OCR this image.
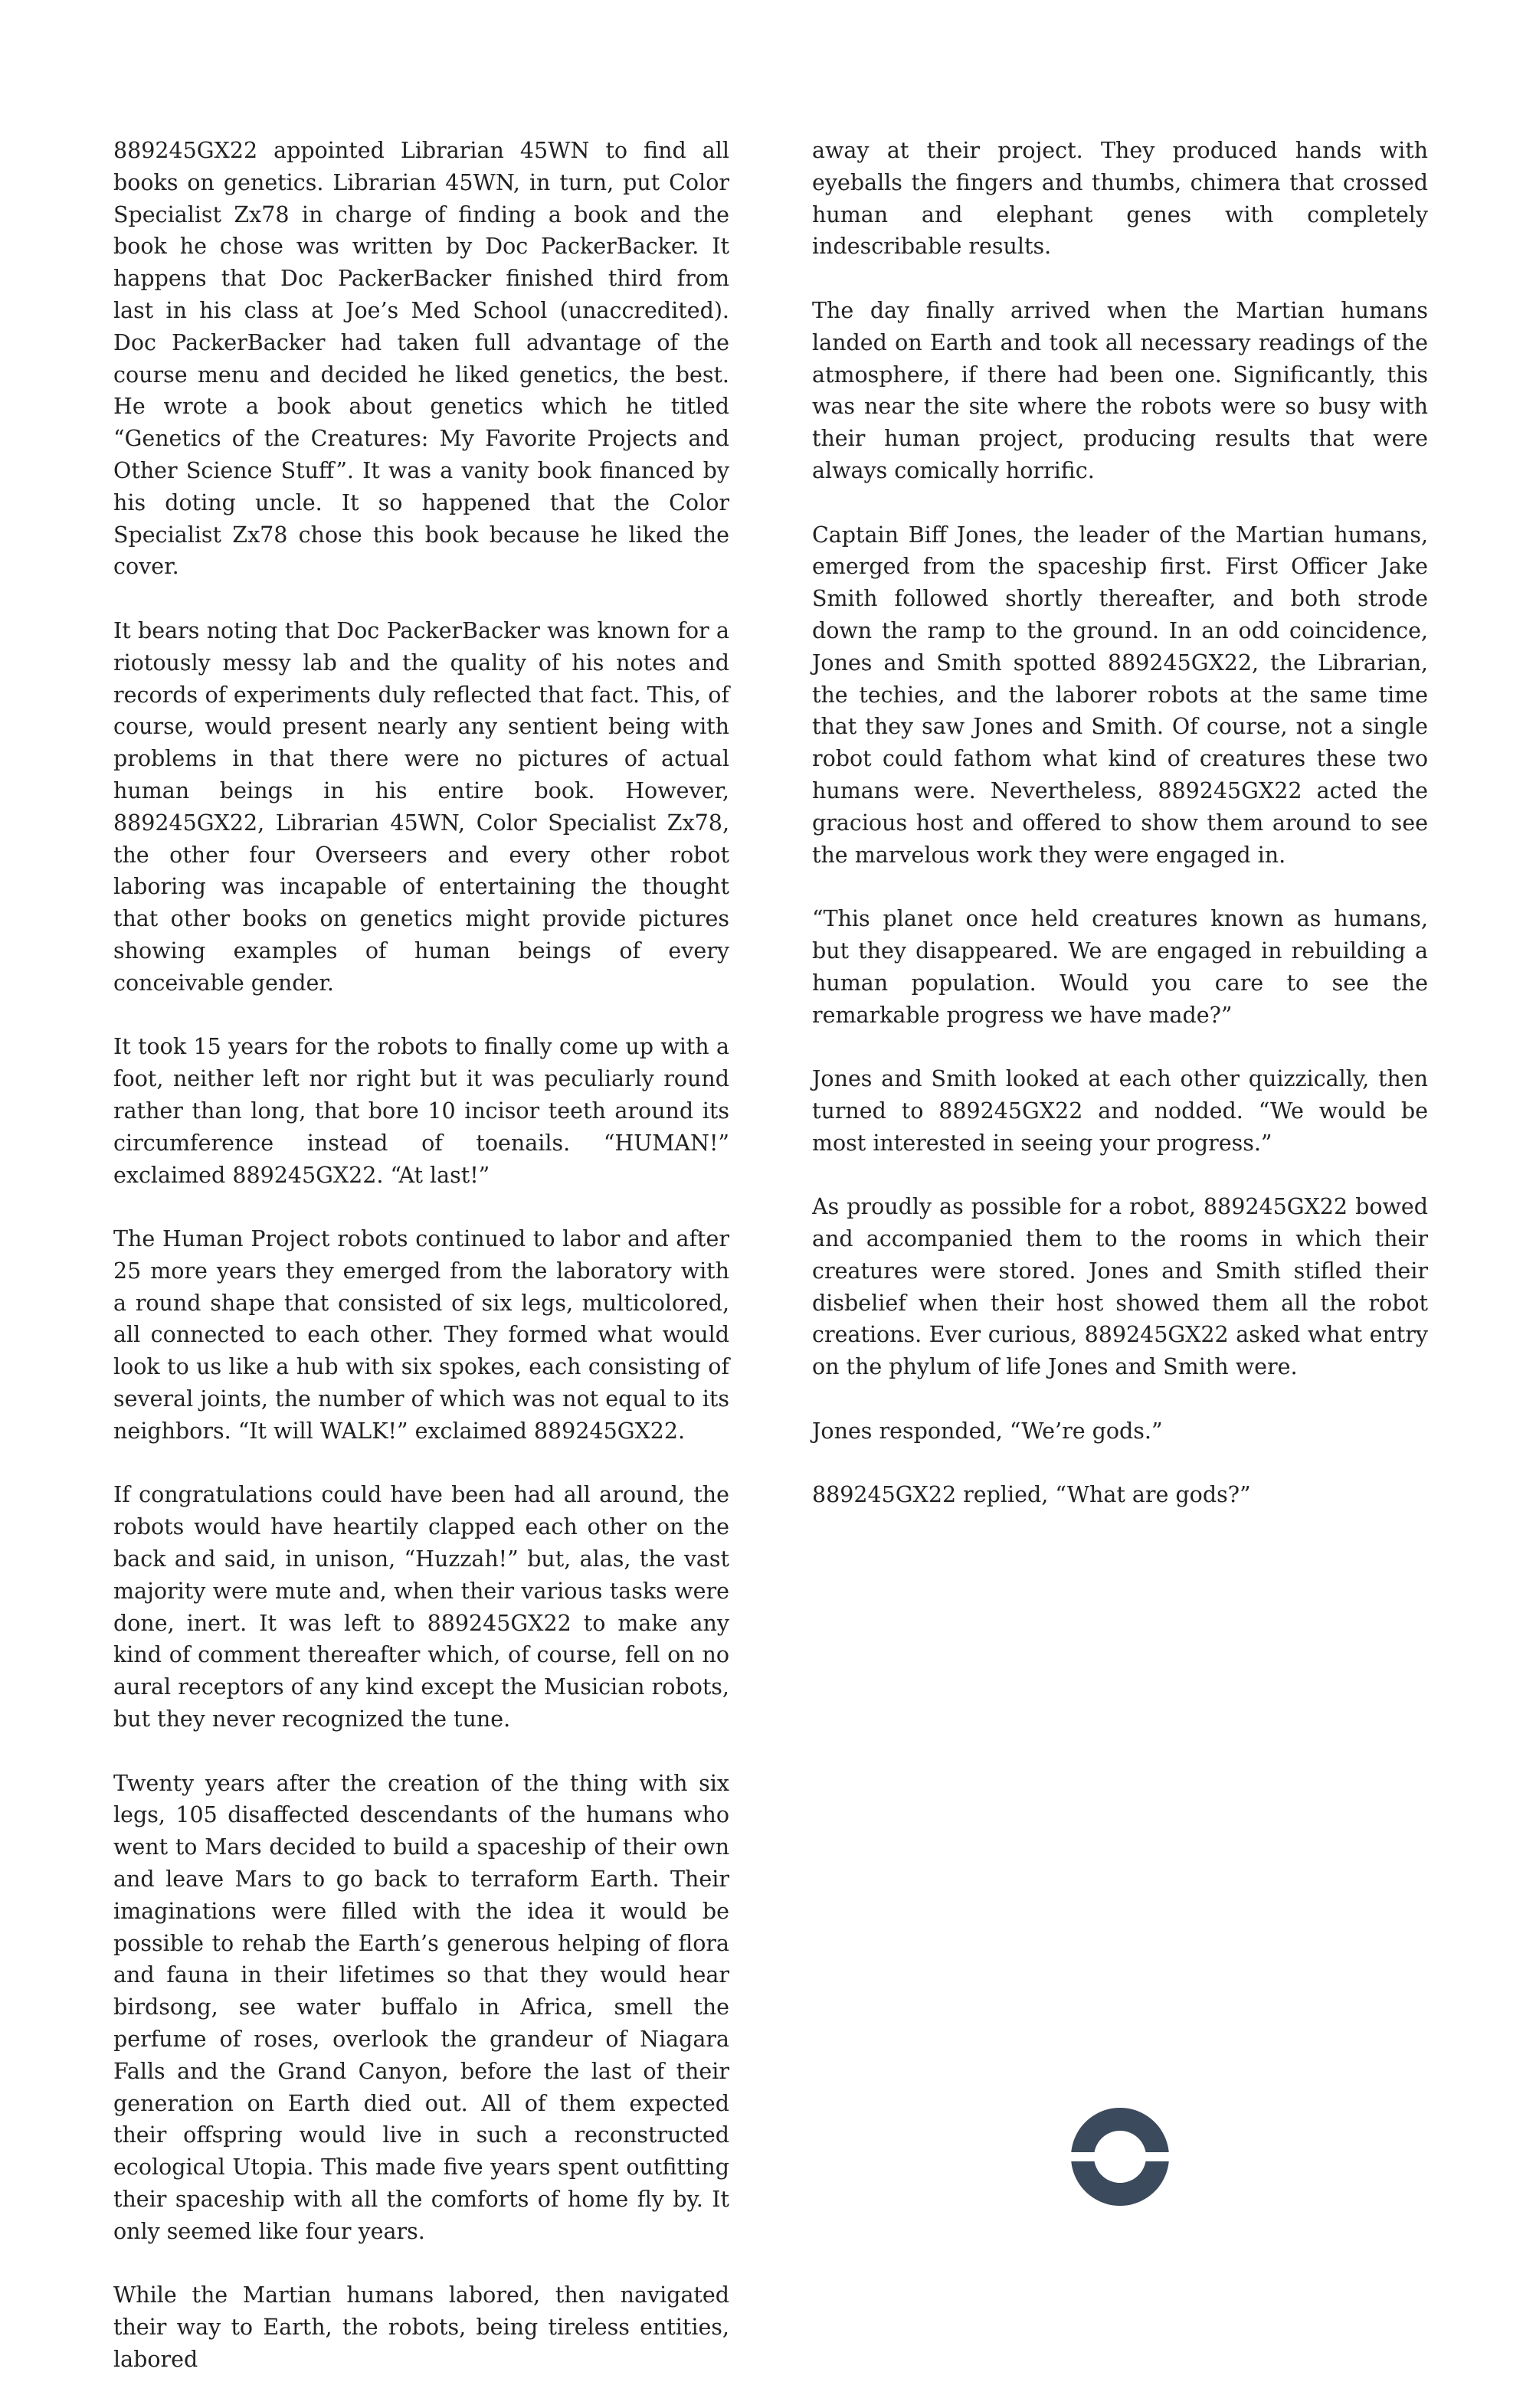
889245GX22 appointed Librarian 45WN to find all books on genetics. Librarian 45WN, in turn, put Color Specialist Zx78 in charge of finding a book and the book he chose was written by Doc PackerBacker. It happens that Doc PackerBacker finished third from last in his class at Joe’s Med School (unaccredited). Doc PackerBacker had taken full advantage of the course menu and decided he liked genetics, the best. He wrote a book about genetics which he titled “Genetics of the Creatures: My Favorite Projects and Other Science Stuff”. It was a vanity book financed by his doting uncle. It so happened that the Color Specialist Zx78 chose this book because he liked the cover.

It bears noting that Doc PackerBacker was known for a riotously messy lab and the quality of his notes and records of experiments duly reflected that fact. This, of course, would present nearly any sentient being with problems in that there were no pictures of actual human beings in his entire book. However, 889245GX22, Librarian 45WN, Color Specialist Zx78, the other four Overseers and every other robot laboring was incapable of entertaining the thought that other books on genetics might provide pictures showing examples of human beings of every conceivable gender.

It took 15 years for the robots to finally come up with a foot, neither left nor right but it was peculiarly round rather than long, that bore 10 incisor teeth around its circumference instead of toenails. “HUMAN!” exclaimed 889245GX22. “At last!”

The Human Project robots continued to labor and after 25 more years they emerged from the laboratory with a round shape that consisted of six legs, multicolored, all connected to each other. They formed what would look to us like a hub with six spokes, each consisting of several joints, the number of which was not equal to its neighbors. “It will WALK!” exclaimed 889245GX22.

If congratulations could have been had all around, the robots would have heartily clapped each other on the back and said, in unison, “Huzzah!” but, alas, the vast majority were mute and, when their various tasks were done, inert. It was left to 889245GX22 to make any kind of comment thereafter which, of course, fell on no aural receptors of any kind except the Musician robots, but they never recognized the tune.

Twenty years after the creation of the thing with six legs, 105 disaffected descendants of the humans who went to Mars decided to build a spaceship of their own and leave Mars to go back to terraform Earth. Their imaginations were filled with the idea it would be possible to rehab the Earth’s generous helping of flora and fauna in their lifetimes so that they would hear birdsong, see water buffalo in Africa, smell the perfume of roses, overlook the grandeur of Niagara Falls and the Grand Canyon, before the last of their generation on Earth died out. All of them expected their offspring would live in such a reconstructed ecological Utopia. This made five years spent outfitting their spaceship with all the comforts of home fly by. It only seemed like four years.

While the Martian humans labored, then navigated their way to Earth, the robots, being tireless entities, labored

away at their project. They produced hands with eyeballs the fingers and thumbs, chimera that crossed human and elephant genes with completely indescribable results.

The day finally arrived when the Martian humans landed on Earth and took all necessary readings of the atmosphere, if there had been one. Significantly, this was near the site where the robots were so busy with their human project, producing results that were always comically horrific.

Captain Biff Jones, the leader of the Martian humans, emerged from the spaceship first. First Officer Jake Smith followed shortly thereafter, and both strode down the ramp to the ground. In an odd coincidence, Jones and Smith spotted 889245GX22, the Librarian, the techies, and the laborer robots at the same time that they saw Jones and Smith. Of course, not a single robot could fathom what kind of creatures these two humans were. Nevertheless, 889245GX22 acted the gracious host and offered to show them around to see the marvelous work they were engaged in.

“This planet once held creatures known as humans, but they disappeared. We are engaged in rebuilding a human population. Would you care to see the remarkable progress we have made?”

Jones and Smith looked at each other quizzically, then turned to 889245GX22 and nodded. “We would be most interested in seeing your progress.”

As proudly as possible for a robot, 889245GX22 bowed and accompanied them to the rooms in which their creatures were stored. Jones and Smith stifled their disbelief when their host showed them all the robot creations. Ever curious, 889245GX22 asked what entry on the phylum of life Jones and Smith were.

Jones responded, “We’re gods.”

889245GX22 replied, “What are gods?”
